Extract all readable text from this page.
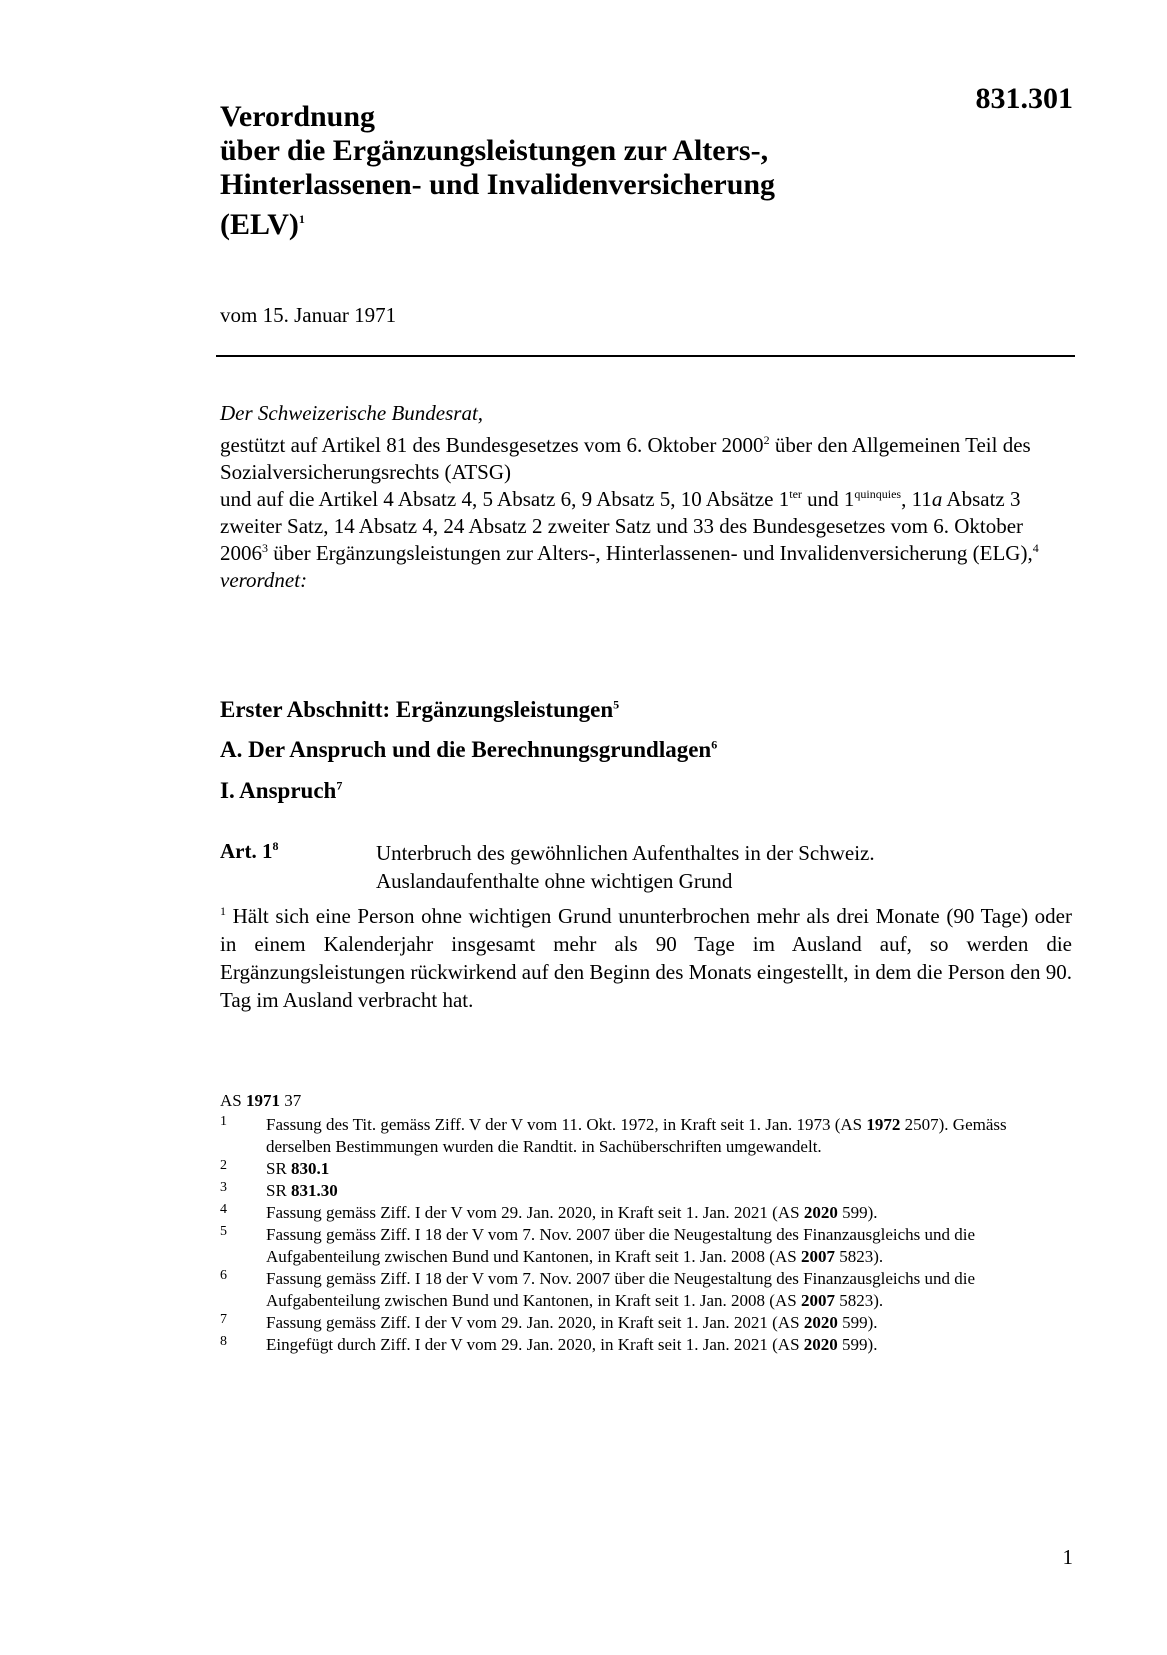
831.301
Verordnung
über die Ergänzungsleistungen zur Alters-,
Hinterlassenen- und Invalidenversicherung
(ELV)$^1$
vom 15. Januar 1971
Der Schweizerische Bundesrat,
gestützt auf Artikel 81 des Bundesgesetzes vom 6. Oktober 2000$^2$ über den Allgemeinen Teil des Sozialversicherungsrechts (ATSG)
und auf die Artikel 4 Absatz 4, 5 Absatz 6, 9 Absatz 5, 10 Absätze $1^{ter}$ und $1^{quinquies}$, 11a Absatz 3 zweiter Satz, 14 Absatz 4, 24 Absatz 2 zweiter Satz und 33 des Bundesgesetzes vom 6. Oktober 2006$^3$ über Ergänzungsleistungen zur Alters-, Hinterlassenen- und Invalidenversicherung (ELG),$^4$
verordnet:
Erster Abschnitt: Ergänzungsleistungen$^5$
A. Der Anspruch und die Berechnungsgrundlagen$^6$
I. Anspruch$^7$
Art. $1^8$	Unterbruch des gewöhnlichen Aufenthaltes in der Schweiz.
Auslandaufenthalte ohne wichtigen Grund
$^1$ Hält sich eine Person ohne wichtigen Grund ununterbrochen mehr als drei Monate (90 Tage) oder in einem Kalenderjahr insgesamt mehr als 90 Tage im Ausland auf, so werden die Ergänzungsleistungen rückwirkend auf den Beginn des Monats eingestellt, in dem die Person den 90. Tag im Ausland verbracht hat.
AS 1971 37
1	Fassung des Tit. gemäss Ziff. V der V vom 11. Okt. 1972, in Kraft seit 1. Jan. 1973 (AS 1972 2507). Gemäss derselben Bestimmungen wurden die Randtit. in Sachüberschriften umgewandelt.
2	SR 830.1
3	SR 831.30
4	Fassung gemäss Ziff. I der V vom 29. Jan. 2020, in Kraft seit 1. Jan. 2021 (AS 2020 599).
5	Fassung gemäss Ziff. I 18 der V vom 7. Nov. 2007 über die Neugestaltung des Finanzausgleichs und die Aufgabenteilung zwischen Bund und Kantonen, in Kraft seit 1. Jan. 2008 (AS 2007 5823).
6	Fassung gemäss Ziff. I 18 der V vom 7. Nov. 2007 über die Neugestaltung des Finanzausgleichs und die Aufgabenteilung zwischen Bund und Kantonen, in Kraft seit 1. Jan. 2008 (AS 2007 5823).
7	Fassung gemäss Ziff. I der V vom 29. Jan. 2020, in Kraft seit 1. Jan. 2021 (AS 2020 599).
8	Eingefügt durch Ziff. I der V vom 29. Jan. 2020, in Kraft seit 1. Jan. 2021 (AS 2020 599).
1
